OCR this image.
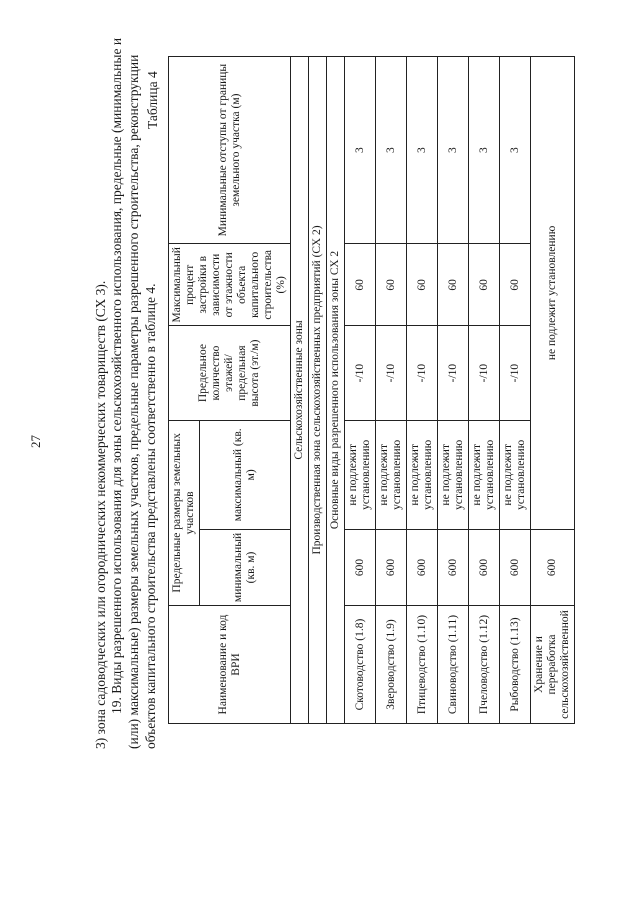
27	3) зона садоводческих или огороднических некоммерческих товариществ (СХ 3). 19. Виды разрешенного использования для зоны сельскохозяйственного использования, предельные (минимальные и (или) максимальные) размеры земельных участков, предельные параметры разрешенного строительства, реконструкции объектов капитального строительства представлены соответственно в таблице 4.
Таблица 4
Наименование и код ВРИ	Предельные размеры земельных участков		Предельное количество этажей/ предельная высота (эт./м)	Максимальный процент застройки в зависимости от этажности объекта капитального строительства (%)	Минимальные отступы от границы земельного участка (м)
	минимальный (кв. м)	максимальный (кв. м)			
Сельскохозяйственные зоны					
Производственная зона сельскохозяйственных предприятий (СХ 2)					
Основные виды разрешенного использования зоны СХ 2					
Скотоводство (1.8)	600	не подлежит установлению	-/10	60	3
Звероводство (1.9)	600	не подлежит установлению	-/10	60	3
Птицеводство (1.10)	600	не подлежит установлению	-/10	60	3
Свиноводство (1.11)	600	не подлежит установлению	-/10	60	3
Пчеловодство (1.12)	600	не подлежит установлению	-/10	60	3
Рыбоводство (1.13)	600	не подлежит установлению	-/10	60	3
Хранение и переработка сельскохозяйственной	600	не подлежит установлению			
